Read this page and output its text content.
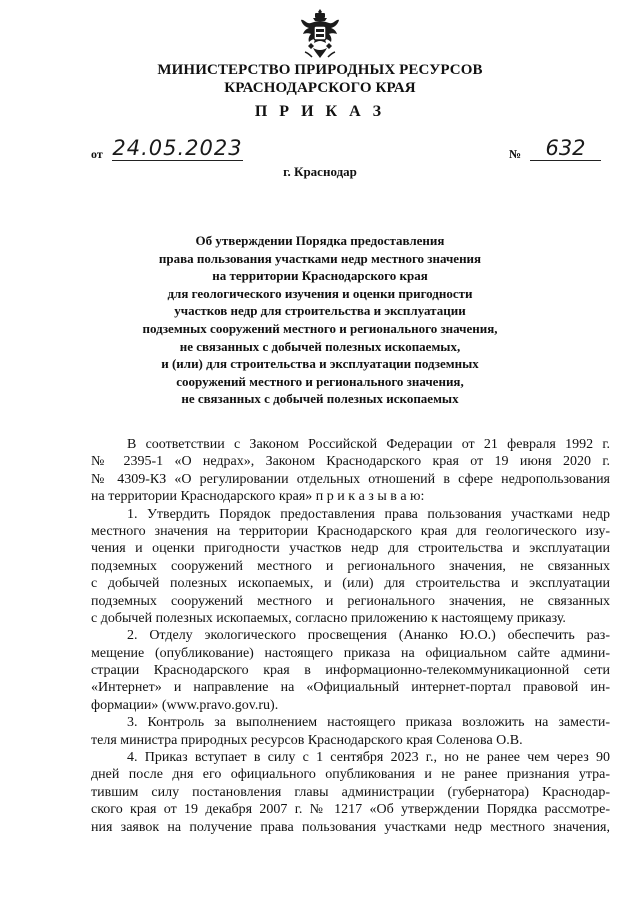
МИНИСТЕРСТВО ПРИРОДНЫХ РЕСУРСОВ
КРАСНОДАРСКОГО КРАЯ
П Р И К А З
от 24.05.2023	№	632
г. Краснодар
Об утверждении Порядка предоставления
права пользования участками недр местного значения
на территории Краснодарского края
для геологического изучения и оценки пригодности
участков недр для строительства и эксплуатации
подземных сооружений местного и регионального значения,
не связанных с добычей полезных ископаемых,
и (или) для строительства и эксплуатации подземных
сооружений местного и регионального значения,
не связанных с добычей полезных ископаемых
В соответствии с Законом Российской Федерации от 21 февраля 1992 г.
№ 2395-1 «О недрах», Законом Краснодарского края от 19 июня 2020 г.
№ 4309-КЗ «О регулировании отдельных отношений в сфере недропользования
на территории Краснодарского края» п р и к а з ы в а ю:
1. Утвердить Порядок предоставления права пользования участками недр
местного значения на территории Краснодарского края для геологического изу-
чения и оценки пригодности участков недр для строительства и эксплуатации
подземных сооружений местного и регионального значения, не связанных
с добычей полезных ископаемых, и (или) для строительства и эксплуатации
подземных сооружений местного и регионального значения, не связанных
с добычей полезных ископаемых, согласно приложению к настоящему приказу.
2. Отделу экологического просвещения (Ананко Ю.О.) обеспечить раз-
мещение (опубликование) настоящего приказа на официальном сайте админи-
страции Краснодарского края в информационно-телекоммуникационной сети
«Интернет» и направление на «Официальный интернет-портал правовой ин-
формации» (www.pravo.gov.ru).
3. Контроль за выполнением настоящего приказа возложить на замести-
теля министра природных ресурсов Краснодарского края Соленова О.В.
4. Приказ вступает в силу с 1 сентября 2023 г., но не ранее чем через 90
дней после дня его официального опубликования и не ранее признания утра-
тившим силу постановления главы администрации (губернатора) Краснодар-
ского края от 19 декабря 2007 г. № 1217 «Об утверждении Порядка рассмотре-
ния заявок на получение права пользования участками недр местного значения,
